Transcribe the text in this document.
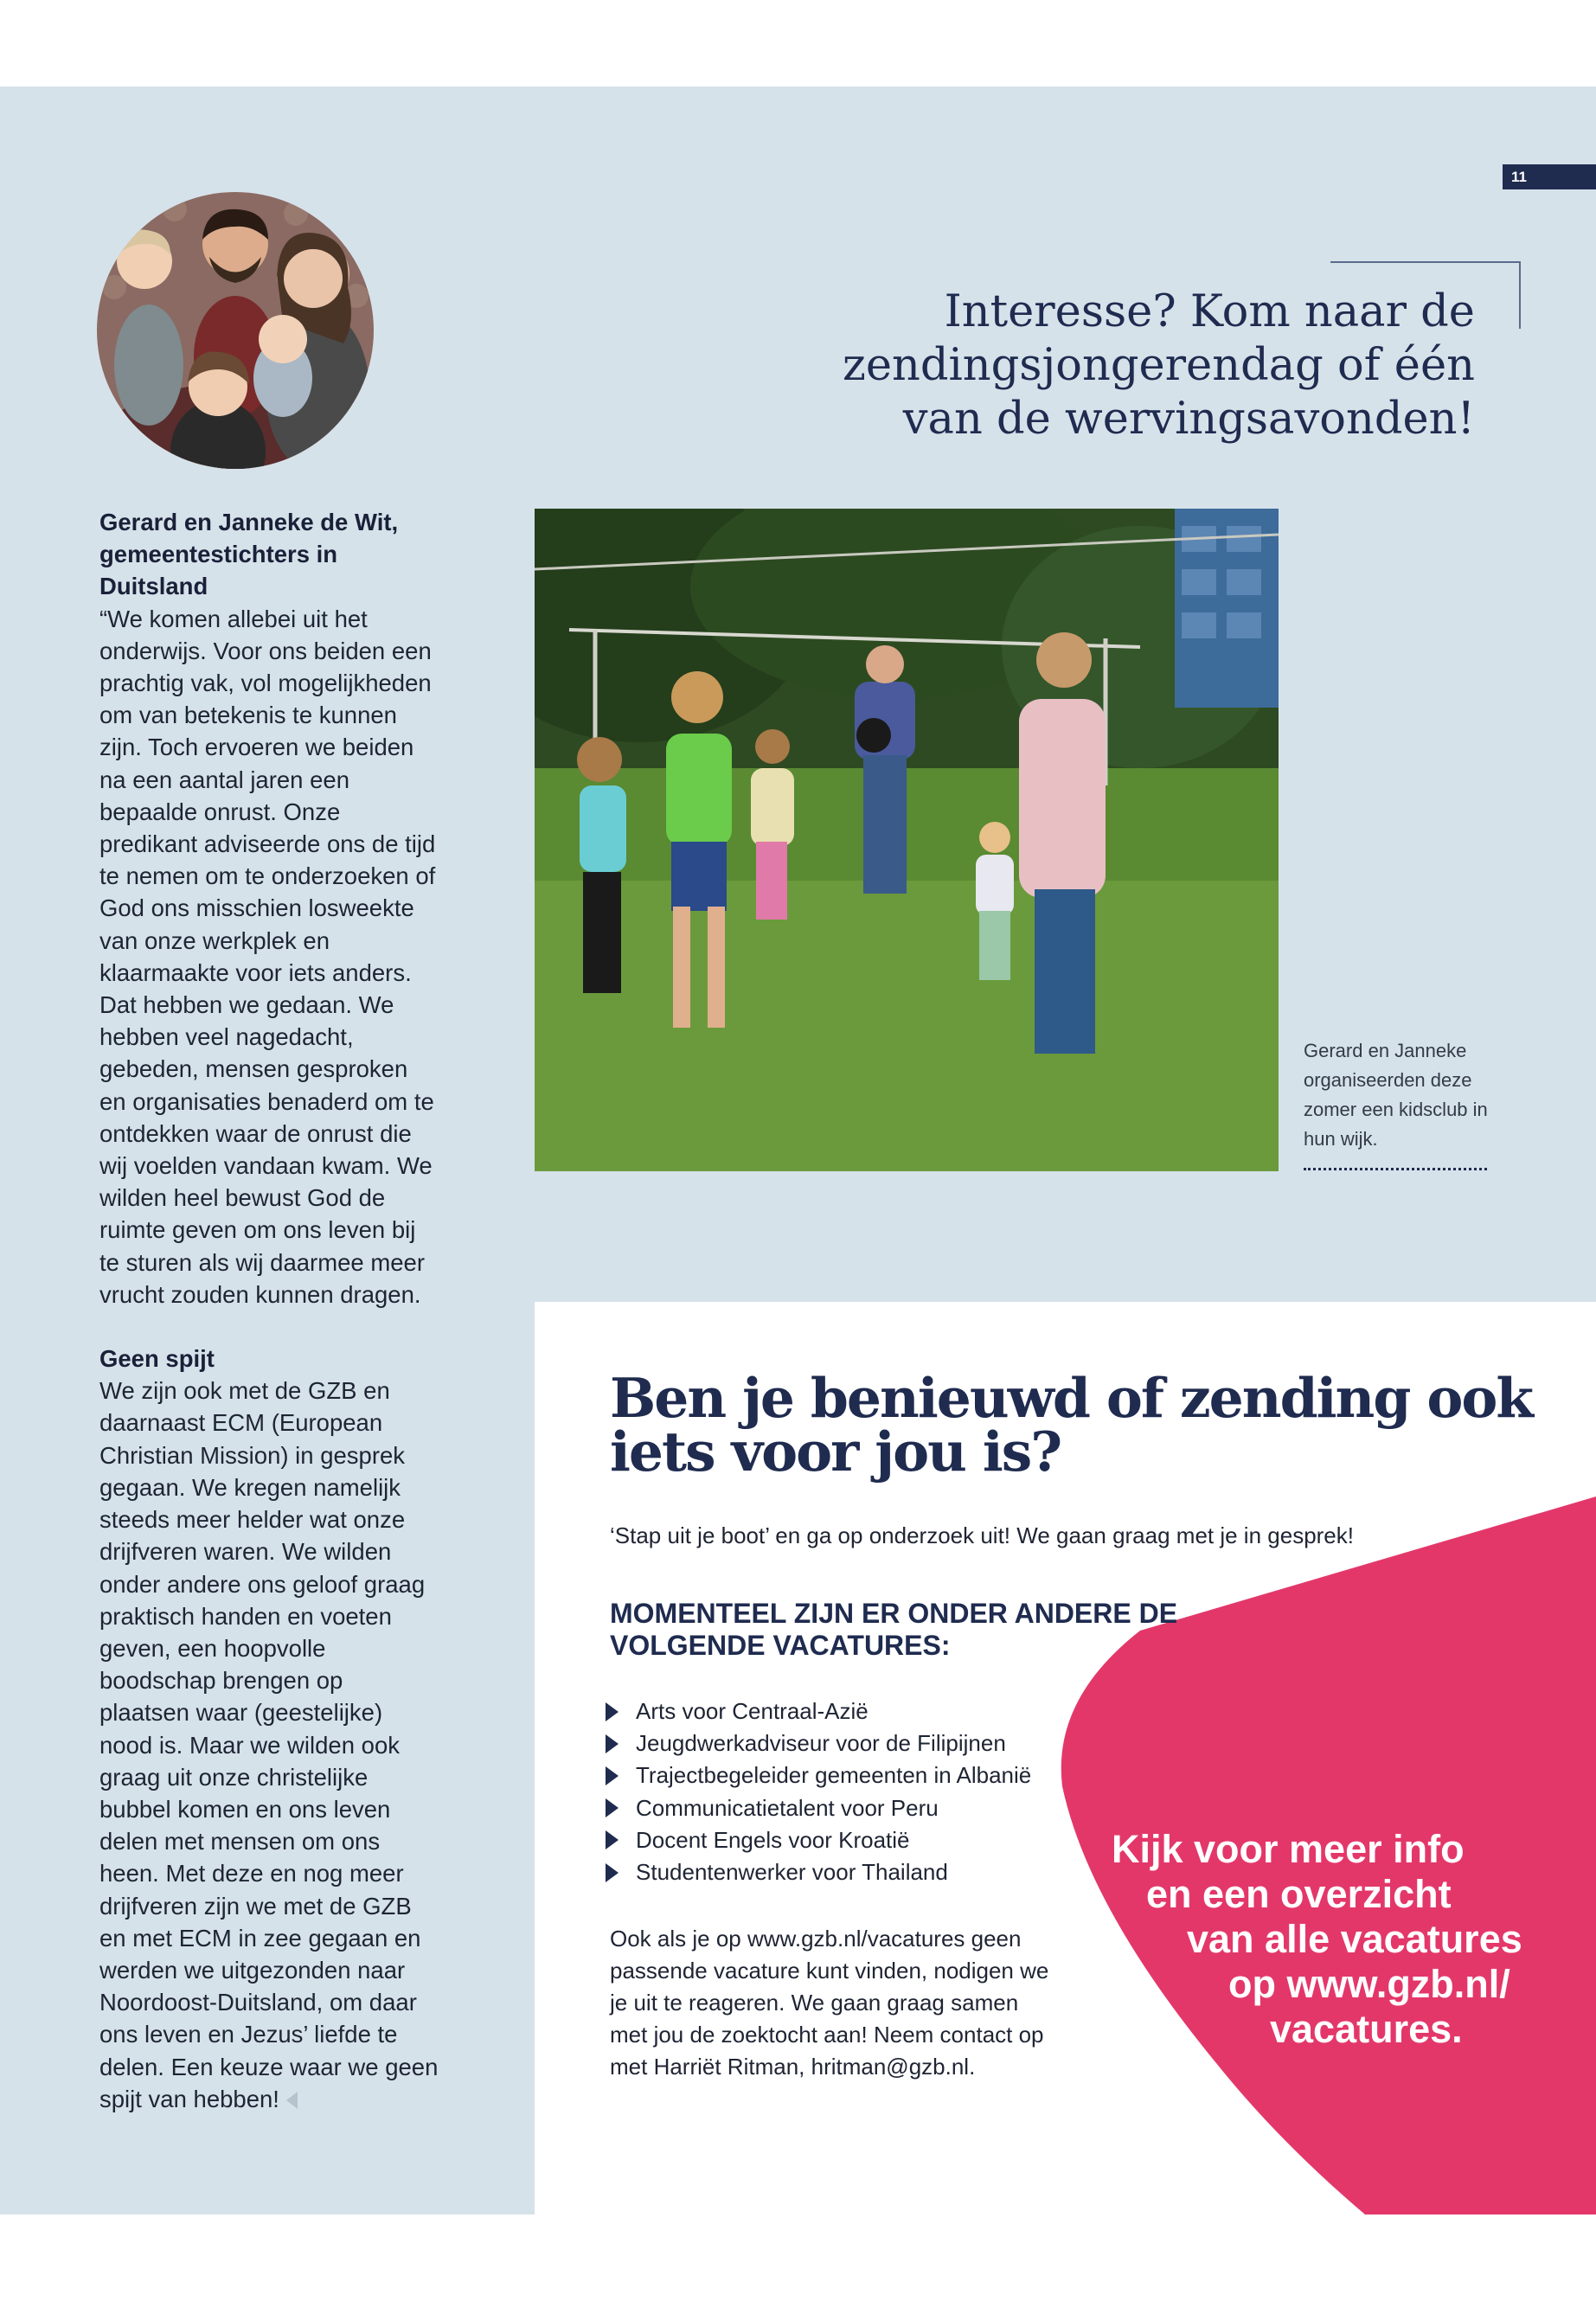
11
Interesse? Kom naar de
zendingsjongerendag of één
van de wervingsavonden!
Gerard en Janneke organiseerden deze zomer een kidsclub in hun wijk.

Gerard en Janneke de Wit, gemeentestichters in Duitsland

“We komen allebei uit het onderwijs. Voor ons beiden een prachtig vak, vol mogelijkheden om van betekenis te kunnen zijn. Toch ervoeren we beiden na een aantal jaren een bepaalde onrust. Onze predikant adviseerde ons de tijd te nemen om te onderzoeken of God ons misschien losweekte van onze werkplek en klaarmaakte voor iets anders. Dat hebben we gedaan. We hebben veel nagedacht, gebeden, mensen gesproken en organisaties benaderd om te ontdekken waar de onrust die wij voelden vandaan kwam. We wilden heel bewust God de ruimte geven om ons leven bij te sturen als wij daarmee meer vrucht zouden kunnen dragen.

Geen spijt

We zijn ook met de GZB en daarnaast ECM (European Christian Mission) in gesprek gegaan. We kregen namelijk steeds meer helder wat onze drijfveren waren. We wilden onder andere ons geloof graag praktisch handen en voeten geven, een hoopvolle boodschap brengen op plaatsen waar (geestelijke) nood is. Maar we wilden ook graag uit onze christelijke bubbel komen en ons leven delen met mensen om ons heen. Met deze en nog meer drijfveren zijn we met de GZB en met ECM in zee gegaan en werden we uitgezonden naar Noordoost-Duitsland, om daar ons leven en Jezus’ liefde te delen. Een keuze waar we geen spijt van hebben!

Ben je benieuwd of zending ook
iets voor jou is?
‘Stap uit je boot’ en ga op onderzoek uit! We gaan graag met je in gesprek!
MOMENTEEL ZIJN ER ONDER ANDERE DE
VOLGENDE VACATURES:
Arts voor Centraal-Azië
Jeugdwerkadviseur voor de Filipijnen
Trajectbegeleider gemeenten in Albanië
Communicatietalent voor Peru
Docent Engels voor Kroatië
Studentenwerker voor Thailand
Ook als je op www.gzb.nl/vacatures geen passende vacature kunt vinden, nodigen we je uit te reageren. We gaan graag samen met jou de zoektocht aan! Neem contact op met Harriët Ritman, hritman@gzb.nl.
Kijk voor meer info
en een overzicht
van alle vacatures
op www.gzb.nl/
vacatures.
